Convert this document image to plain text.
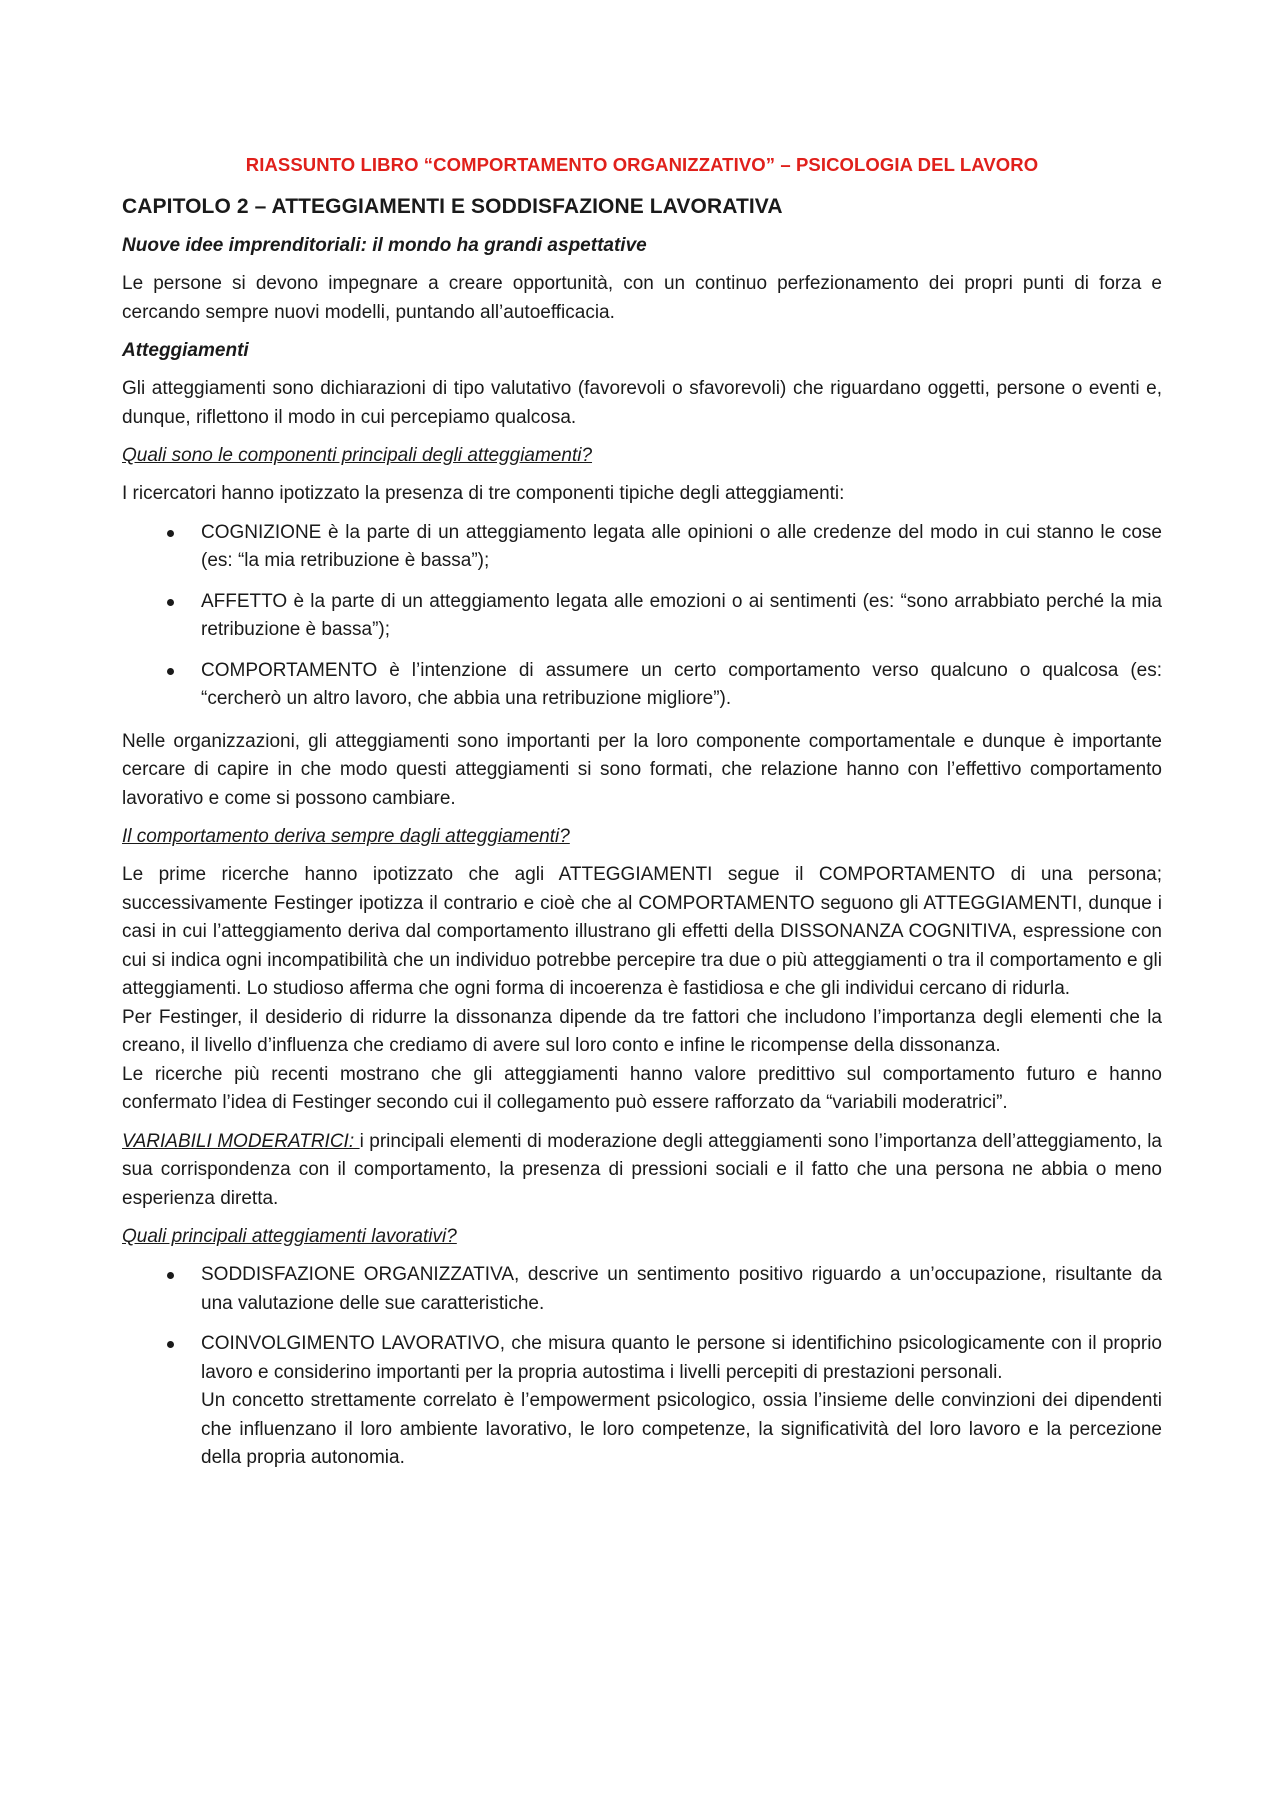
RIASSUNTO LIBRO “COMPORTAMENTO ORGANIZZATIVO” – PSICOLOGIA DEL LAVORO
CAPITOLO 2 – ATTEGGIAMENTI E SODDISFAZIONE LAVORATIVA
Nuove idee imprenditoriali: il mondo ha grandi aspettative

Le persone si devono impegnare a creare opportunità, con un continuo perfezionamento dei propri punti di forza e cercando sempre nuovi modelli, puntando all’autoefficacia.

Atteggiamenti

Gli atteggiamenti sono dichiarazioni di tipo valutativo (favorevoli o sfavorevoli) che riguardano oggetti, persone o eventi e, dunque, riflettono il modo in cui percepiamo qualcosa.

Quali sono le componenti principali degli atteggiamenti?

I ricercatori hanno ipotizzato la presenza di tre componenti tipiche degli atteggiamenti:

COGNIZIONE è la parte di un atteggiamento legata alle opinioni o alle credenze del modo in cui stanno le cose (es: “la mia retribuzione è bassa”);
AFFETTO è la parte di un atteggiamento legata alle emozioni o ai sentimenti (es: “sono arrabbiato perché la mia retribuzione è bassa”);
COMPORTAMENTO è l’intenzione di assumere un certo comportamento verso qualcuno o qualcosa (es: “cercherò un altro lavoro, che abbia una retribuzione migliore”).

Nelle organizzazioni, gli atteggiamenti sono importanti per la loro componente comportamentale e dunque è importante cercare di capire in che modo questi atteggiamenti si sono formati, che relazione hanno con l’effettivo comportamento lavorativo e come si possono cambiare.

Il comportamento deriva sempre dagli atteggiamenti?

Le prime ricerche hanno ipotizzato che agli ATTEGGIAMENTI segue il COMPORTAMENTO di una persona; successivamente Festinger ipotizza il contrario e cioè che al COMPORTAMENTO seguono gli ATTEGGIAMENTI, dunque i casi in cui l’atteggiamento deriva dal comportamento illustrano gli effetti della DISSONANZA COGNITIVA, espressione con cui si indica ogni incompatibilità che un individuo potrebbe percepire tra due o più atteggiamenti o tra il comportamento e gli atteggiamenti. Lo studioso afferma che ogni forma di incoerenza è fastidiosa e che gli individui cercano di ridurla.

Per Festinger, il desiderio di ridurre la dissonanza dipende da tre fattori che includono l’importanza degli elementi che la creano, il livello d’influenza che crediamo di avere sul loro conto e infine le ricompense della dissonanza.

Le ricerche più recenti mostrano che gli atteggiamenti hanno valore predittivo sul comportamento futuro e hanno confermato l’idea di Festinger secondo cui il collegamento può essere rafforzato da “variabili moderatrici”.

VARIABILI MODERATRICI: i principali elementi di moderazione degli atteggiamenti sono l’importanza dell’atteggiamento, la sua corrispondenza con il comportamento, la presenza di pressioni sociali e il fatto che una persona ne abbia o meno esperienza diretta.

Quali principali atteggiamenti lavorativi?
SODDISFAZIONE ORGANIZZATIVA, descrive un sentimento positivo riguardo a un’occupazione, risultante da una valutazione delle sue caratteristiche.
COINVOLGIMENTO LAVORATIVO, che misura quanto le persone si identifichino psicologicamente con il proprio lavoro e considerino importanti per la propria autostima i livelli percepiti di prestazioni personali.
Un concetto strettamente correlato è l’empowerment psicologico, ossia l’insieme delle convinzioni dei dipendenti che influenzano il loro ambiente lavorativo, le loro competenze, la significatività del loro lavoro e la percezione della propria autonomia.
